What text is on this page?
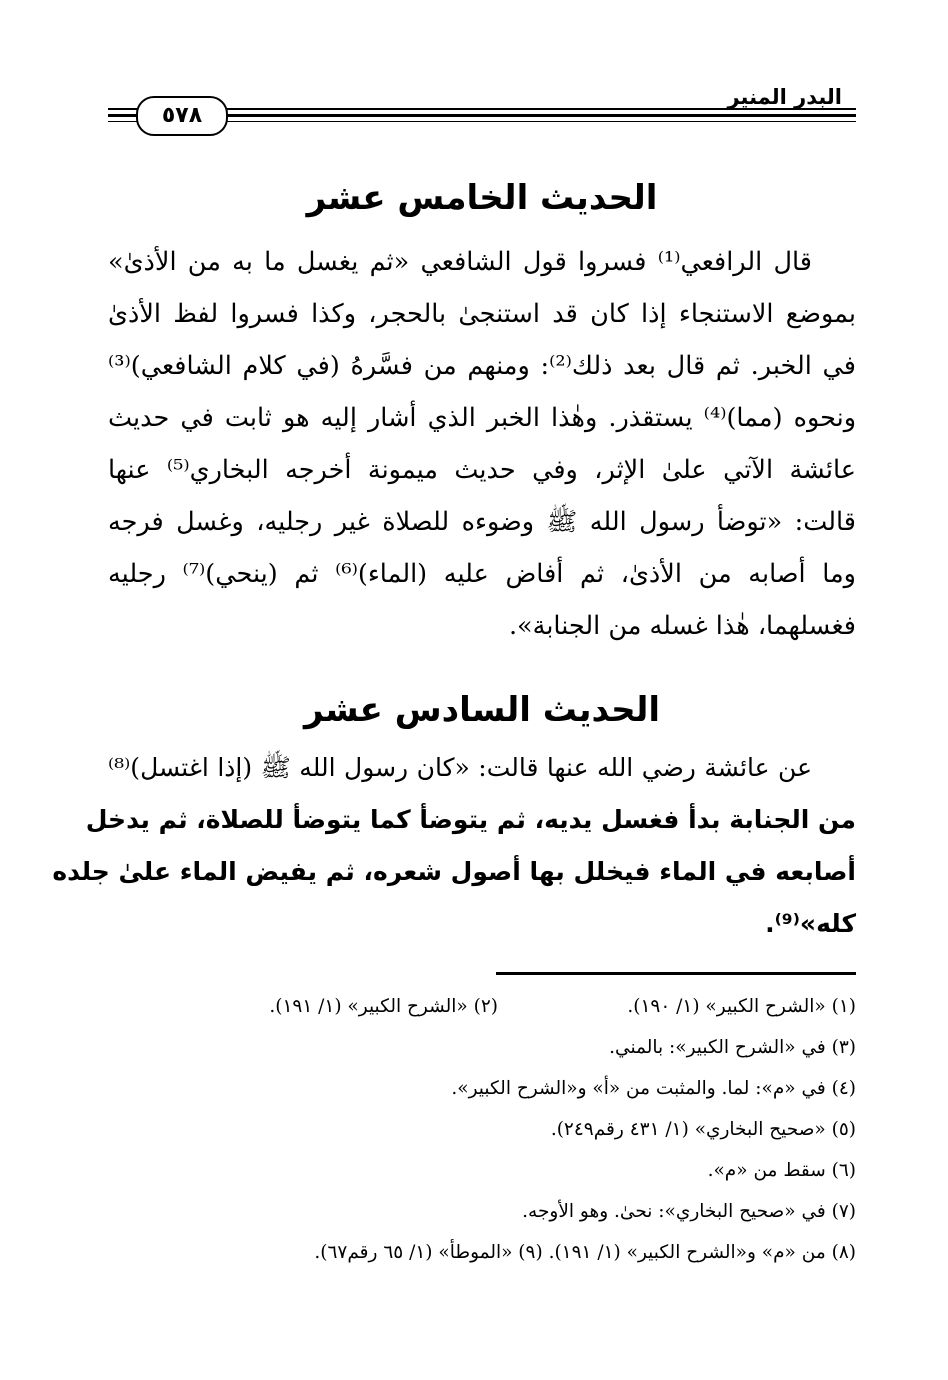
البدر المنير
٥٧٨
الحديث الخامس عشر
قال الرافعي⁽¹⁾ فسروا قول الشافعي «ثم يغسل ما به من الأذىٰ»
بموضع الاستنجاء إذا كان قد استنجىٰ بالحجر، وكذا فسروا لفظ الأذىٰ
في الخبر. ثم قال بعد ذلك⁽²⁾: ومنهم من فسَّرهُ (في كلام الشافعي)⁽³⁾
ونحوه (مما)⁽⁴⁾ يستقذر. وهٰذا الخبر الذي أشار إليه هو ثابت في حديث
عائشة الآتي علىٰ الإثر، وفي حديث ميمونة أخرجه البخاري⁽⁵⁾ عنها
قالت: «توضأ رسول الله ﷺ وضوءه للصلاة غير رجليه، وغسل فرجه
وما أصابه من الأذىٰ، ثم أفاض عليه (الماء)⁽⁶⁾ ثم (ينحي)⁽⁷⁾ رجليه
فغسلهما، هٰذا غسله من الجنابة».
الحديث السادس عشر
عن عائشة رضي الله عنها قالت: «كان رسول الله ﷺ (إذا اغتسل)⁽⁸⁾
من الجنابة بدأ فغسل يديه، ثم يتوضأ كما يتوضأ للصلاة، ثم يدخل
أصابعه في الماء فيخلل بها أصول شعره، ثم يفيض الماء علىٰ جلده
كله»⁽⁹⁾.
(١) «الشرح الكبير» (١/ ١٩٠).(٢) «الشرح الكبير» (١/ ١٩١).
(٣) في «الشرح الكبير»: بالمني.
(٤) في «م»: لما. والمثبت من «أ» و«الشرح الكبير».
(٥) «صحيح البخاري» (١/ ٤٣١ رقم٢٤٩).
(٦) سقط من «م».
(٧) في «صحيح البخاري»: نحىٰ. وهو الأوجه.
(٨) من «م» و«الشرح الكبير» (١/ ١٩١). (٩) «الموطأ» (١/ ٦٥ رقم٦٧).
